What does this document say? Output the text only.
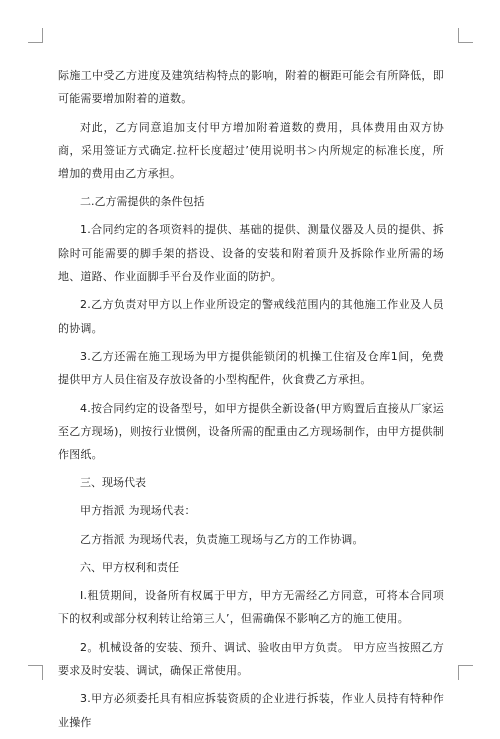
际施工中受乙方进度及建筑结构特点的影响，附着的橱距可能会有所降低，即可能需要增加附着的道数。

对此，乙方同意追加支付甲方增加附着道数的费用，具体费用由双方协商，采用签证方式确定.拉杆长度超过’使用说明书＞内所规定的标准长度，所增加的费用由乙方承担。

二.乙方需提供的条件包括

1.合同约定的各项资料的提供、基础的提供、测量仪器及人员的提供、拆除时可能需要的脚手架的搭设、设备的安装和附着顶升及拆除作业所需的场地、道路、作业面脚手平台及作业面的防护。

2.乙方负责对甲方以上作业所设定的警戒线范围内的其他施工作业及人员的协调。

3.乙方还需在施工现场为甲方提供能锁闭的机操工住宿及仓库1间，免费提供甲方人员住宿及存放设备的小型构配件，伙食费乙方承担。

4.按合同约定的设备型号，如甲方提供全新设备(甲方购置后直接从厂家运至乙方现场)，则按行业惯例，设备所需的配重由乙方现场制作，由甲方提供制作图纸。

三、现场代表

甲方指派 为现场代表：

乙方指派 为现场代表，负责施工现场与乙方的工作协调。

六、甲方权利和责任

I.租赁期间，设备所有权属于甲方，甲方无需经乙方同意，可将本合同项下的权利或部分权利转让给第三人’，但需确保不影响乙方的施工使用。

2。机械设备的安装、预升、调试、验收由甲方负责。 甲方应当按照乙方要求及时安装、调试，确保正常使用。

3.甲方必须委托具有相应拆装资质的企业进行拆装，作业人员持有特种作业操作
